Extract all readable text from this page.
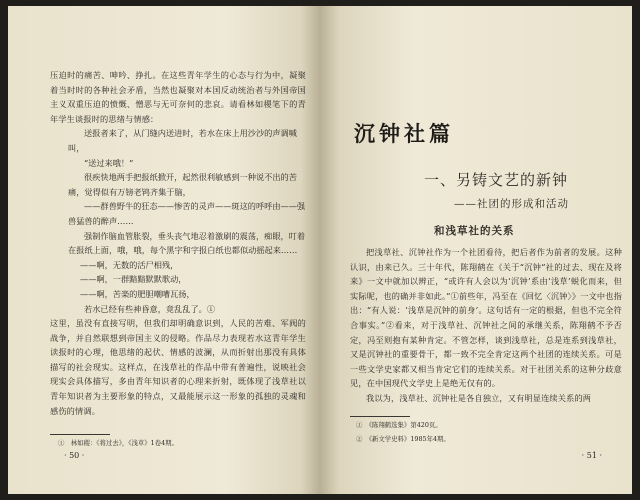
压迫时的痛苦、呻吟、挣扎。在这些青年学生的心态与行为中，凝聚着当时时的各种社会矛盾，当然也凝聚对本国反动统治者与外国帝国主义双重压迫的愤慨、憎恶与无可奈何的悲哀。请看林如稷笔下的青年学生谈报时的思绪与情感：

送报者来了，从门缝内送进时，若水在床上用沙沙的声调喊叫，

“送过来哦！”

很疾快地两手把报纸掀开，起然很利敏感到一种说不出的苦痛，觉得似有万镑老鸨齐集于脑，

——群兽野牛的狂态——惨苦的灵声——斑这的呼呼由——强兽猛兽的醉声……

强制作脑血管胀裂，垂头丧气地忍着激刷的震荡，痴眼，叮着在报纸上面，哦，哦，每个黑字和字报白纸也都似动摇起来……

——啊，无数的活尸相残，

——啊，一群黯黯默默歌动，

——啊，苦楽的肥胆嘲嘈瓦扬，

若水已经有些神昏意，竟乱乱了。①

这里，虽没有直接写明，但我们却明确意识到，人民的苦难、军阀的战争，并自然联想到帝国主义的侵略。作品尽力表现若水这青年学生读报时的心理，他思绪的起伏、情感的波澜，从而折射出那没有具体描写的社会现实。这样点，在浅草社的作品中带有普遍性，说映社会现实会具体描写，多由青年知识者的心理来折射，既体现了浅草社以青年知识者为主要形象的特点，又最能展示这一形象的孤独的灵魂和感伤的情调。

①　林如稷：《将过去》，《浅草》1卷4期。
· 50 ·
沉钟社篇
一、另铸文艺的新钟
——社团的形成和活动
和浅草社的关系

把浅草社、沉钟社作为一个社团看待，把后者作为前者的发展。这种认识，由来已久。三十年代，陈翔鹤在《关于“沉钟”社的过去、现在及将来》一文中就加以辨正，“或许有人会以为‘沉钟’系由‘浅草’蜕化而来，但实际呢，也的确并非如此。”①前些年，冯至在《回忆〈沉钟〉》一文中也指出：“有人说：‘浅草是沉钟的前身’。这句话有一定的根据，但也不完全符合事实。”②看来，对于浅草社、沉钟社之间的承继关系，陈翔鹤不予否定，冯至则抱有某种肯定。不管怎样，谈到浅草社，总是连系到浅草社，又是沉钟社的重要骨干，都一致不完全肯定这两个社团的连续关系。可是一些文学史家都又相当肯定它们的连续关系。对于社团关系的这种分歧意见，在中国现代文学史上是绝无仅有的。

我以为，浅草社、沉钟社是各自独立，又有明显连续关系的两

①　《陈翔鹤选集》第420页。
②　《新文学史料》1985年4期。
· 51 ·
